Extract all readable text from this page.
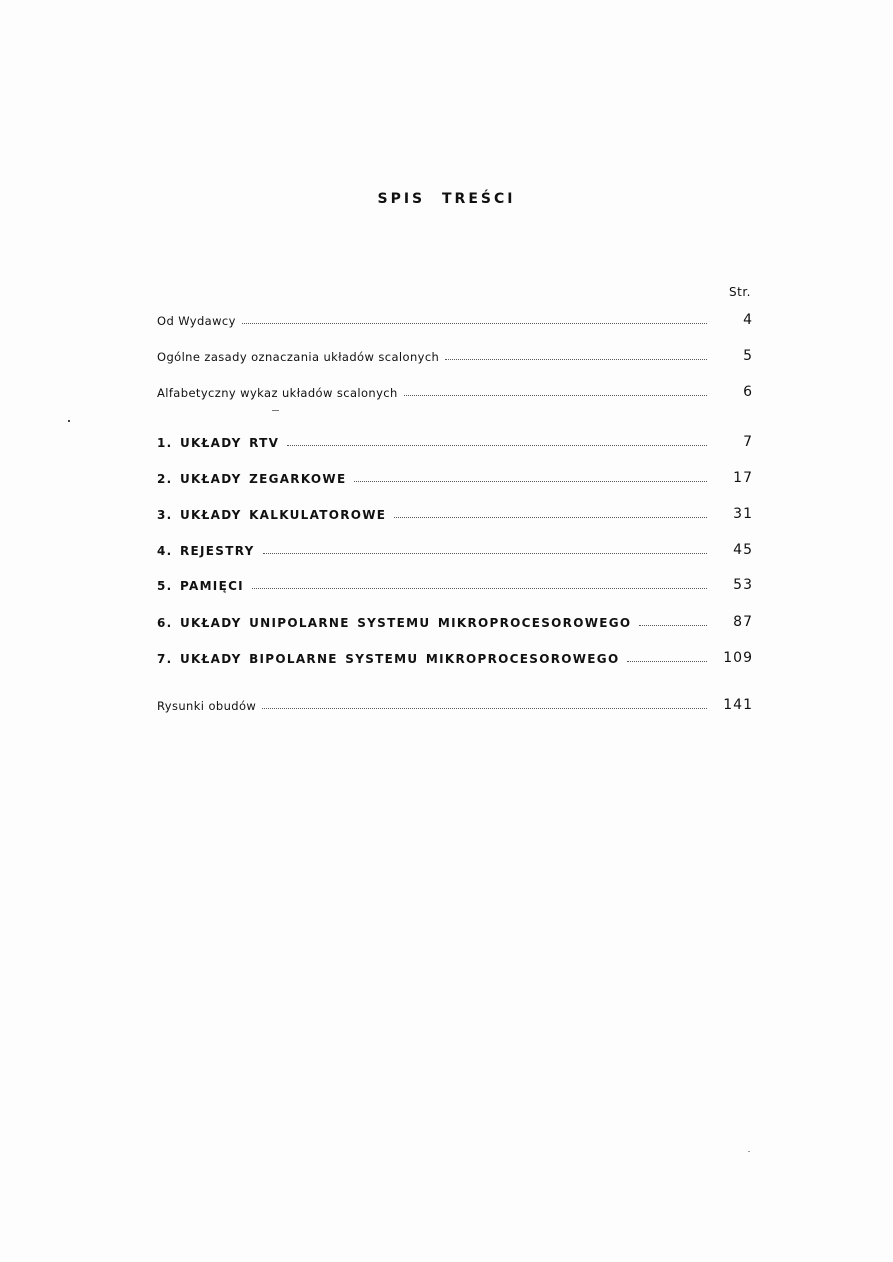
SPIS TREŚCI
Str.
Od Wydawcy	4
Ogólne zasady oznaczania układów scalonych	5
Alfabetyczny wykaz układów scalonych	6
1. UKŁADY RTV	7
2. UKŁADY ZEGARKOWE	17
3. UKŁADY KALKULATOROWE	31
4. REJESTRY	45
5. PAMIĘCI	53
6. UKŁADY UNIPOLARNE SYSTEMU MIKROPROCESOROWEGO	87
7. UKŁADY BIPOLARNE SYSTEMU MIKROPROCESOROWEGO	109
Rysunki obudów	141
